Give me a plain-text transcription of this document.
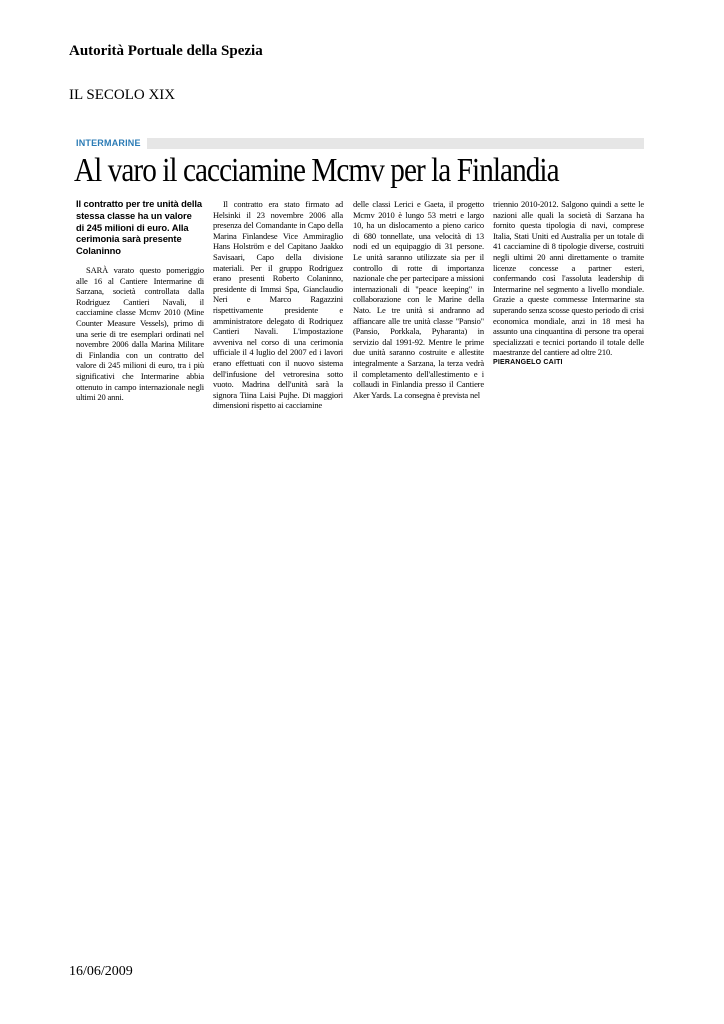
Autorità Portuale della Spezia
IL SECOLO XIX
INTERMARINE
Al varo il cacciamine Mcmv per la Finlandia
Il contratto per tre unità della stessa classe ha un valore di 245 milioni di euro. Alla cerimonia sarà presente Colaninno

SARÀ varato questo pomeriggio alle 16 al Cantiere Intermarine di Sarzana, società controllata dalla Rodriguez Cantieri Navali, il cacciamine classe Mcmv 2010 (Mine Counter Measure Vessels), primo di una serie di tre esemplari ordinati nel novembre 2006 dalla Marina Militare di Finlandia con un contratto del valore di 245 milioni di euro, tra i più significativi che Intermarine abbia ottenuto in campo internazionale negli ultimi 20 anni.

Il contratto era stato firmato ad Helsinki il 23 novembre 2006 alla presenza del Comandante in Capo della Marina Finlandese Vice Ammiraglio Hans Holström e del Capitano Jaakko Savisaari, Capo della divisione materiali. Per il gruppo Rodriguez erano presenti Roberto Colaninno, presidente di Immsi Spa, Gianclaudio Neri e Marco Ragazzini rispettivamente presidente e amministratore delegato di Rodriquez Cantieri Navali. L'impostazione avveniva nel corso di una cerimonia ufficiale il 4 luglio del 2007 ed i lavori erano effettuati con il nuovo sistema dell'infusione del vetroresina sotto vuoto. Madrina dell'unità sarà la signora Tiina Laisi Pujhe. Di maggiori dimensioni rispetto ai cacciamine

delle classi Lerici e Gaeta, il progetto Mcmv 2010 è lungo 53 metri e largo 10, ha un dislocamento a pieno carico di 680 tonnellate, una velocità di 13 nodi ed un equipaggio di 31 persone. Le unità saranno utilizzate sia per il controllo di rotte di importanza nazionale che per partecipare a missioni internazionali di "peace keeping" in collaborazione con le Marine della Nato. Le tre unità si andranno ad affiancare alle tre unità classe "Pansio" (Pansio, Porkkala, Pyharanta) in servizio dal 1991-92. Mentre le prime due unità saranno costruite e allestite integralmente a Sarzana, la terza vedrà il completamento dell'allestimento e i collaudi in Finlandia presso il Cantiere Aker Yards. La consegna è prevista nel

triennio 2010-2012. Salgono quindi a sette le nazioni alle quali la società di Sarzana ha fornito questa tipologia di navi, comprese Italia, Stati Uniti ed Australia per un totale di 41 cacciamine di 8 tipologie diverse, costruiti negli ultimi 20 anni direttamente o tramite licenze concesse a partner esteri, confermando così l'assoluta leadership di Intermarine nel segmento a livello mondiale. Grazie a queste commesse Intermarine sta superando senza scosse questo periodo di crisi economica mondiale, anzi in 18 mesi ha assunto una cinquantina di persone tra operai specializzati e tecnici portando il totale delle maestranze del cantiere ad oltre 210.

PIERANGELO CAITI
16/06/2009
